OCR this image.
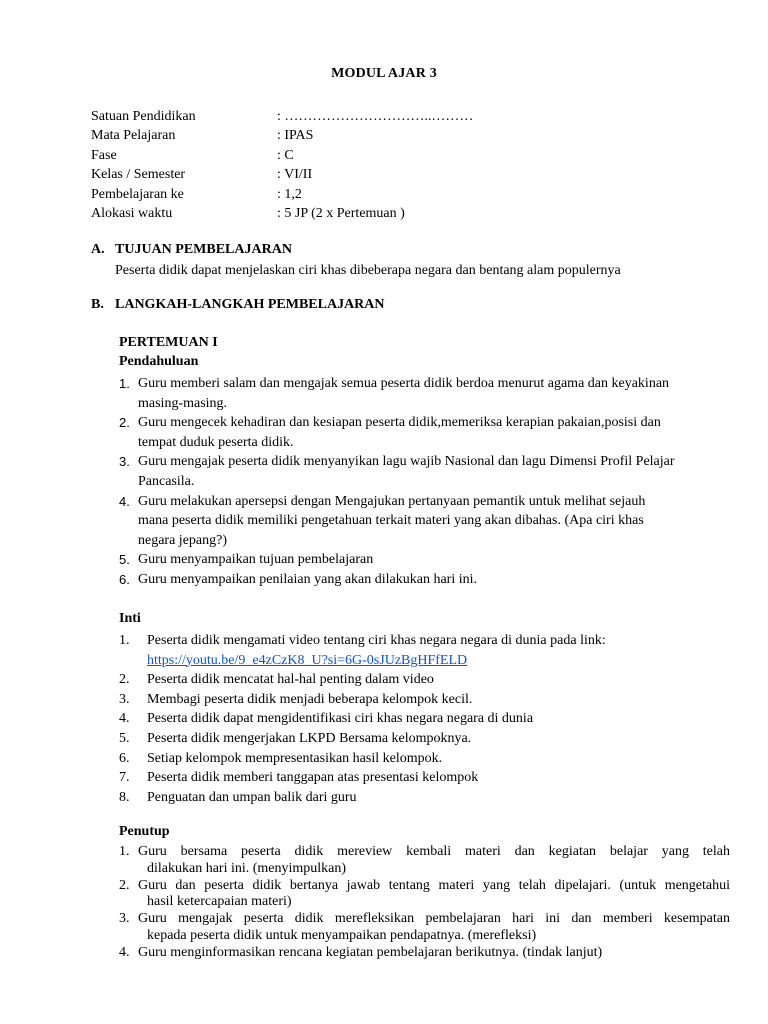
MODUL AJAR 3
Satuan Pendidikan	: …………………………..………
Mata Pelajaran	: IPAS
Fase	: C
Kelas / Semester	: VI/II
Pembelajaran ke	: 1,2
Alokasi waktu	: 5 JP (2 x Pertemuan )
A. TUJUAN PEMBELAJARAN
Peserta didik dapat menjelaskan ciri khas dibeberapa negara dan bentang alam populernya
B. LANGKAH-LANGKAH PEMBELAJARAN
PERTEMUAN I
Pendahuluan
1. Guru memberi salam dan mengajak semua peserta didik berdoa menurut agama dan keyakinan
masing-masing.
2. Guru mengecek kehadiran dan kesiapan peserta didik,memeriksa kerapian pakaian,posisi dan
tempat duduk peserta didik.
3. Guru mengajak peserta didik menyanyikan lagu wajib Nasional dan lagu Dimensi Profil Pelajar
Pancasila.
4. Guru melakukan apersepsi dengan Mengajukan pertanyaan pemantik untuk melihat sejauh
mana peserta didik memiliki pengetahuan terkait materi yang akan dibahas. (Apa ciri khas
negara jepang?)
5. Guru menyampaikan tujuan pembelajaran
6. Guru menyampaikan penilaian yang akan dilakukan hari ini.
Inti
1. Peserta didik mengamati video tentang ciri khas negara negara di dunia pada link:
https://youtu.be/9_e4zCzK8_U?si=6G-0sJUzBgHFfELD
2. Peserta didik mencatat hal-hal penting dalam video
3. Membagi peserta didik menjadi beberapa kelompok kecil.
4. Peserta didik dapat mengidentifikasi ciri khas negara negara di dunia
5. Peserta didik mengerjakan LKPD Bersama kelompoknya.
6. Setiap kelompok mempresentasikan hasil kelompok.
7. Peserta didik memberi tanggapan atas presentasi kelompok
8. Penguatan dan umpan balik dari guru
Penutup
1. Guru bersama peserta didik mereview kembali materi dan kegiatan belajar yang telah
dilakukan hari ini. (menyimpulkan)
2. Guru dan peserta didik bertanya jawab tentang materi yang telah dipelajari. (untuk mengetahui
hasil ketercapaian materi)
3. Guru mengajak peserta didik merefleksikan pembelajaran hari ini dan memberi kesempatan
kepada peserta didik untuk menyampaikan pendapatnya. (merefleksi)
4. Guru menginformasikan rencana kegiatan pembelajaran berikutnya. (tindak lanjut)
